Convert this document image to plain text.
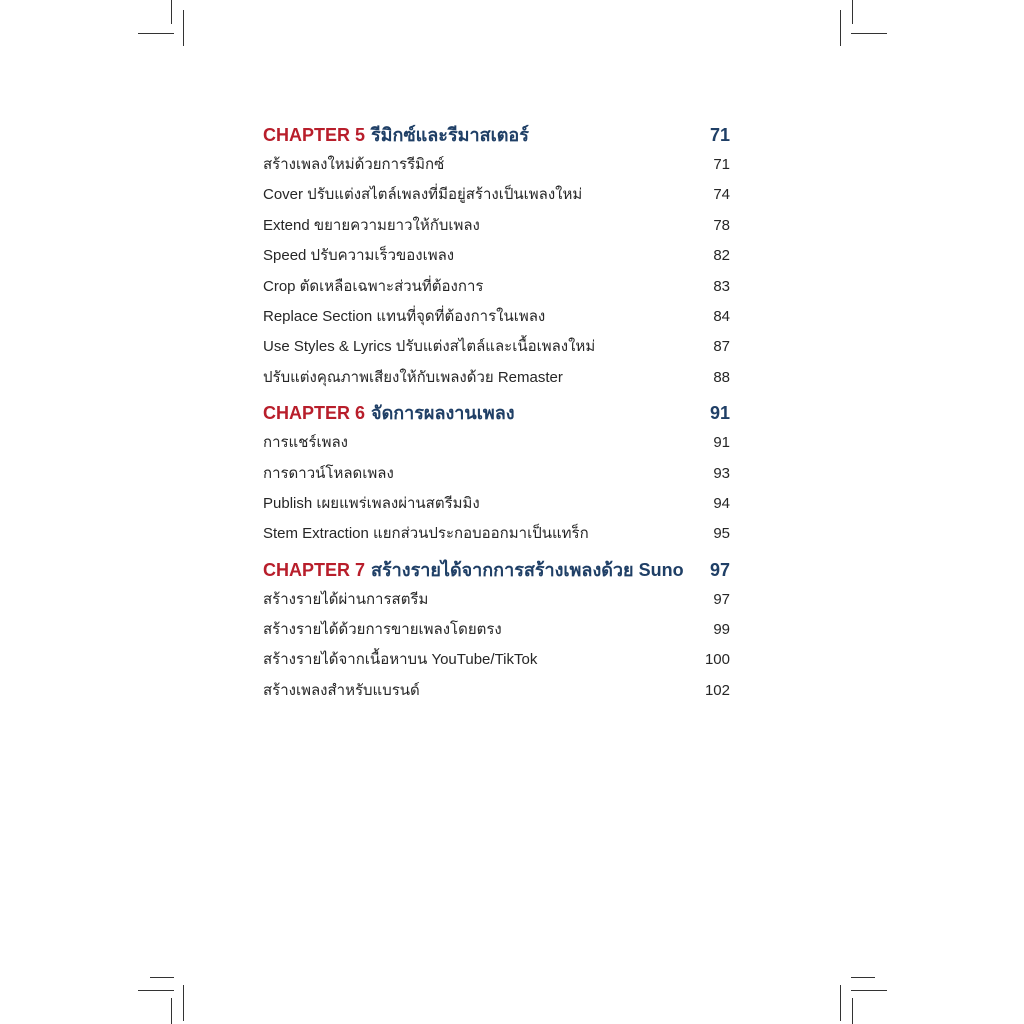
CHAPTER 5 รีมิกซ์และรีมาสเตอร์	71
สร้างเพลงใหม่ด้วยการรีมิกซ์	71
Cover ปรับแต่งสไตล์เพลงที่มีอยู่สร้างเป็นเพลงใหม่	74
Extend ขยายความยาวให้กับเพลง	78
Speed ปรับความเร็วของเพลง	82
Crop ตัดเหลือเฉพาะส่วนที่ต้องการ	83
Replace Section แทนที่จุดที่ต้องการในเพลง	84
Use Styles & Lyrics ปรับแต่งสไตล์และเนื้อเพลงใหม่	87
ปรับแต่งคุณภาพเสียงให้กับเพลงด้วย Remaster	88
CHAPTER 6 จัดการผลงานเพลง	91
การแชร์เพลง	91
การดาวน์โหลดเพลง	93
Publish เผยแพร่เพลงผ่านสตรีมมิง	94
Stem Extraction แยกส่วนประกอบออกมาเป็นแทร็ก	95
CHAPTER 7 สร้างรายได้จากการสร้างเพลงด้วย Suno 97
สร้างรายได้ผ่านการสตรีม	97
สร้างรายได้ด้วยการขายเพลงโดยตรง	99
สร้างรายได้จากเนื้อหาบน YouTube/TikTok	100
สร้างเพลงสำหรับแบรนด์	102
